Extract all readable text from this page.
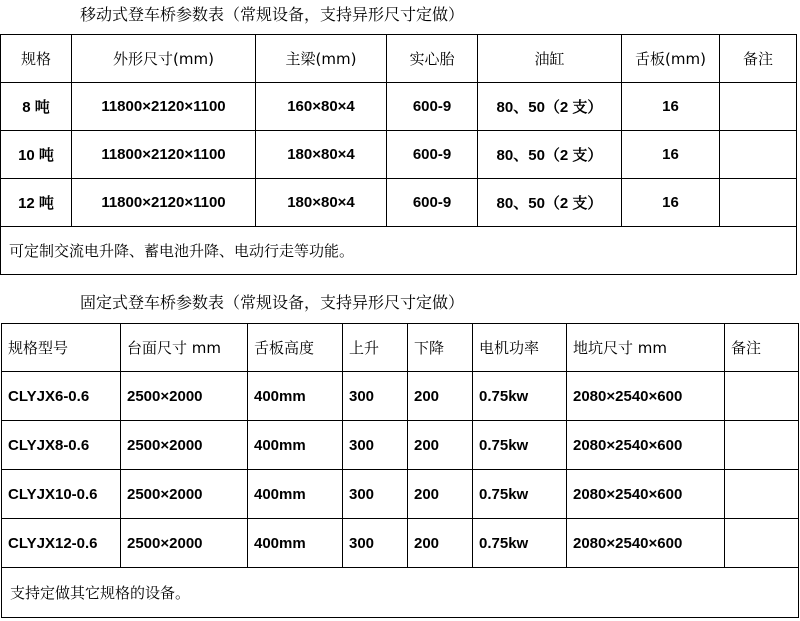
移动式登车桥参数表（常规设备，支持异形尺寸定做）
规格	外形尺寸(mm)	主梁(mm)	实心胎	油缸	舌板(mm)	备注
8 吨	11800×2120×1100	160×80×4	600-9	80、50（2 支）	16	
10 吨	11800×2120×1100	180×80×4	600-9	80、50（2 支）	16	
12 吨	11800×2120×1100	180×80×4	600-9	80、50（2 支）	16	
可定制交流电升降、蓄电池升降、电动行走等功能。						
固定式登车桥参数表（常规设备，支持异形尺寸定做）
规格型号	台面尺寸 mm	舌板高度	上升	下降	电机功率	地坑尺寸 mm	备注
CLYJX6-0.6	2500×2000	400mm	300	200	0.75kw	2080×2540×600	
CLYJX8-0.6	2500×2000	400mm	300	200	0.75kw	2080×2540×600	
CLYJX10-0.6	2500×2000	400mm	300	200	0.75kw	2080×2540×600	
CLYJX12-0.6	2500×2000	400mm	300	200	0.75kw	2080×2540×600	
支持定做其它规格的设备。							
